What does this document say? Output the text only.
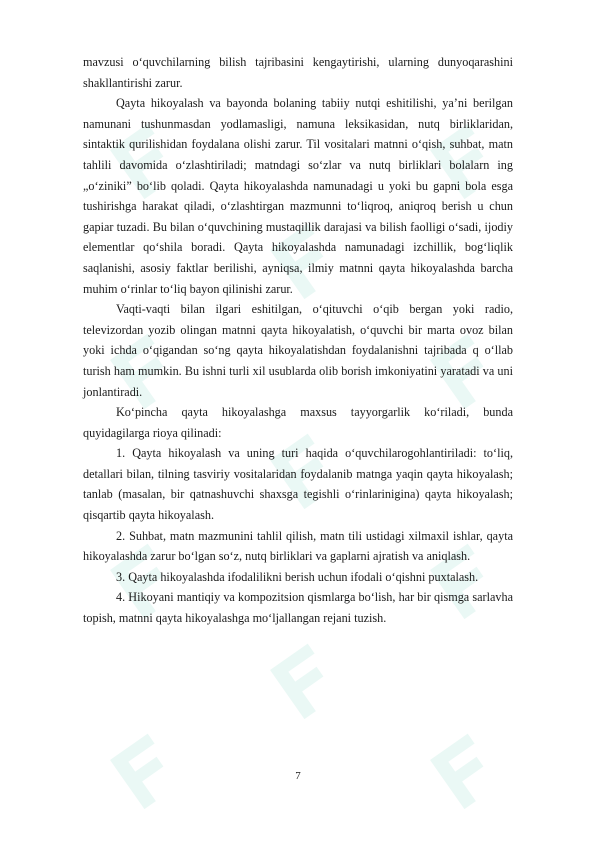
mavzusi o‘quvchilarning bilish tajribasini kengaytirishi, ularning dunyoqarashini shakllantirishi zarur.

Qayta hikoyalash va bayonda bolaning tabiiy nutqi eshitilishi, ya’ni berilgan namunani tushunmasdan yodlamasligi, namuna leksikasidan, nutq birliklaridan, sintaktik qurilishidan foydalana olishi zarur. Til vositalari matnni o‘qish, suhbat, matn tahlili davomida o‘zlashtiriladi; matndagi so‘zlar va nutq birliklari bolalarn ing „o‘ziniki” bo‘lib qoladi. Qayta hikoyalashda namunadagi u yoki bu gapni bola esga tushirishga harakat qiladi, o‘zlashtirgan mazmunni to‘liqroq, aniqroq berish u chun gapiar tuzadi. Bu bilan o‘quvchining mustaqillik darajasi va bilish faolligi o‘sadi, ijodiy elementlar qo‘shila boradi. Qayta hikoyalashda namunadagi izchillik, bog‘liqlik saqlanishi, asosiy faktlar berilishi, ayniqsa, ilmiy matnni qayta hikoyalashda barcha muhim o‘rinlar to‘liq bayon qilinishi zarur.

Vaqti-vaqti bilan ilgari eshitilgan, o‘qituvchi o‘qib bergan yoki radio, televizordan yozib olingan matnni qayta hikoyalatish, o‘quvchi bir marta ovoz bilan yoki ichda o‘qigandan so‘ng qayta hikoyalatishdan foydalanishni tajribada q o‘llab turish ham mumkin. Bu ishni turli xil usublarda olib borish imkoniyatini yaratadi va uni jonlantiradi.

Ko‘pincha qayta hikoyalashga maxsus tayyorgarlik ko‘riladi, bunda quyidagilarga rioya qilinadi:

1. Qayta hikoyalash va uning turi haqida o‘quvchilarogohlantiriladi: to‘liq, detallari bilan, tilning tasviriy vositalaridan foydalanib matnga yaqin qayta hikoyalash; tanlab (masalan, bir qatnashuvchi shaxsga tegishli o‘rinlarinigina) qayta hikoyalash; qisqartib qayta hikoyalash.

2. Suhbat, matn mazmunini tahlil qilish, matn tili ustidagi xilmaxil ishlar, qayta hikoyalashda zarur bo‘lgan so‘z, nutq birliklari va gaplarni ajratish va aniqlash.

3. Qayta hikoyalashda ifodalilikni berish uchun ifodali o‘qishni puxtalash.

4. Hikoyani mantiqiy va kompozitsion qismlarga bo‘lish, har bir qismga sarlavha topish, matnni qayta hikoyalashga mo‘ljallangan rejani tuzish.

7
